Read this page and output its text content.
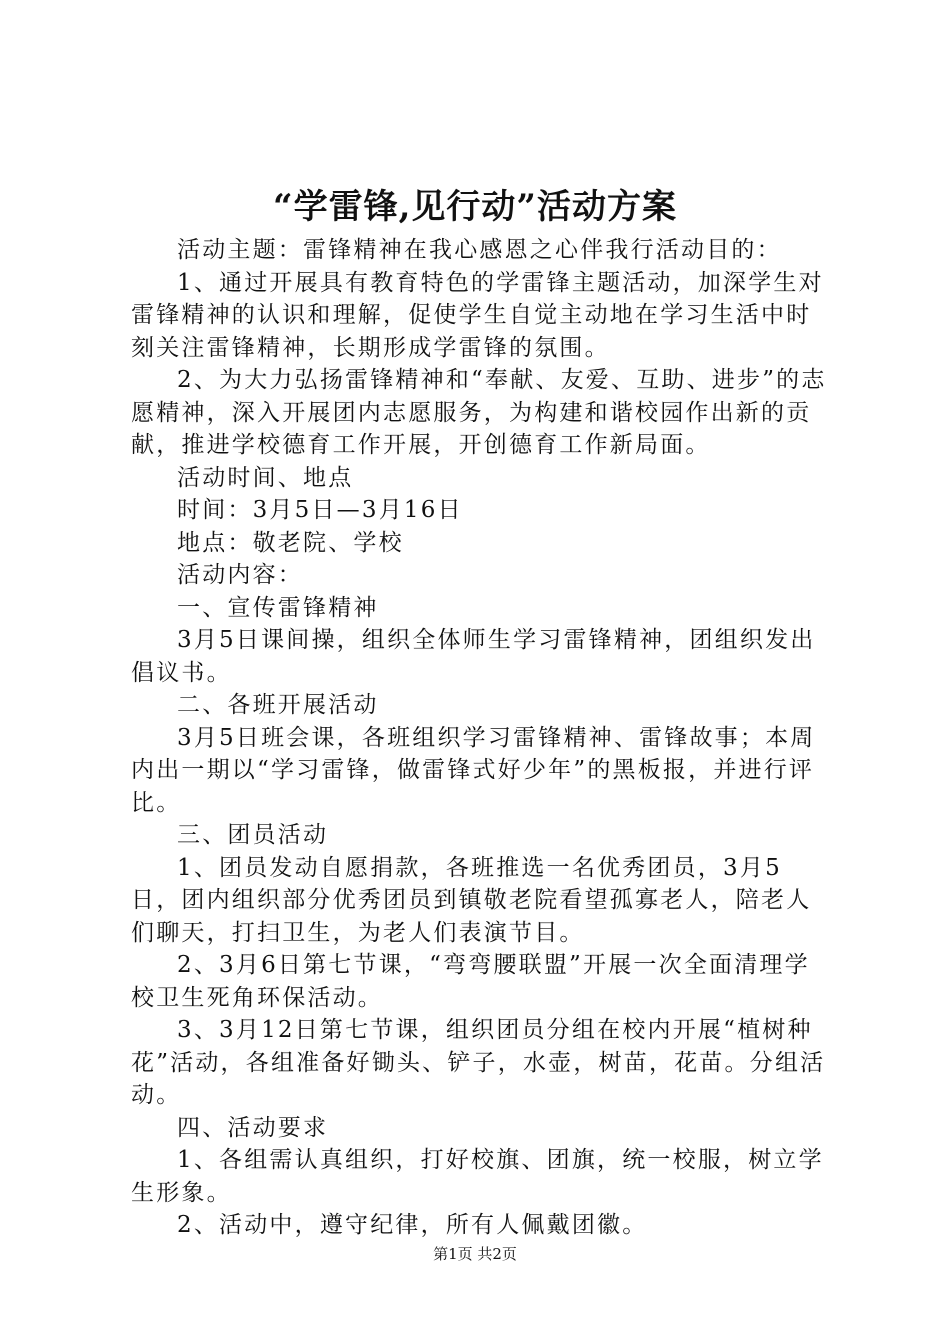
“学雷锋,见行动”活动方案

活动主题：雷锋精神在我心感恩之心伴我行活动目的：

1、通过开展具有教育特色的学雷锋主题活动，加深学生对雷锋精神的认识和理解，促使学生自觉主动地在学习生活中时刻关注雷锋精神，长期形成学雷锋的氛围。

2、为大力弘扬雷锋精神和“奉献、友爱、互助、进步”的志愿精神，深入开展团内志愿服务，为构建和谐校园作出新的贡献，推进学校德育工作开展，开创德育工作新局面。

活动时间、地点

时间：3月5日—3月16日

地点：敬老院、学校

活动内容：

一、宣传雷锋精神

3月5日课间操，组织全体师生学习雷锋精神，团组织发出倡议书。

二、各班开展活动

3月5日班会课，各班组织学习雷锋精神、雷锋故事；本周内出一期以“学习雷锋，做雷锋式好少年”的黑板报，并进行评比。

三、团员活动

1、团员发动自愿捐款，各班推选一名优秀团员，3月5日，团内组织部分优秀团员到镇敬老院看望孤寡老人，陪老人们聊天，打扫卫生，为老人们表演节目。

2、3月6日第七节课，“弯弯腰联盟”开展一次全面清理学校卫生死角环保活动。

3、3月12日第七节课，组织团员分组在校内开展“植树种花”活动，各组准备好锄头、铲子，水壶，树苗，花苗。分组活动。

四、活动要求

1、各组需认真组织，打好校旗、团旗，统一校服，树立学生形象。

2、活动中，遵守纪律，所有人佩戴团徽。

第1页 共2页
